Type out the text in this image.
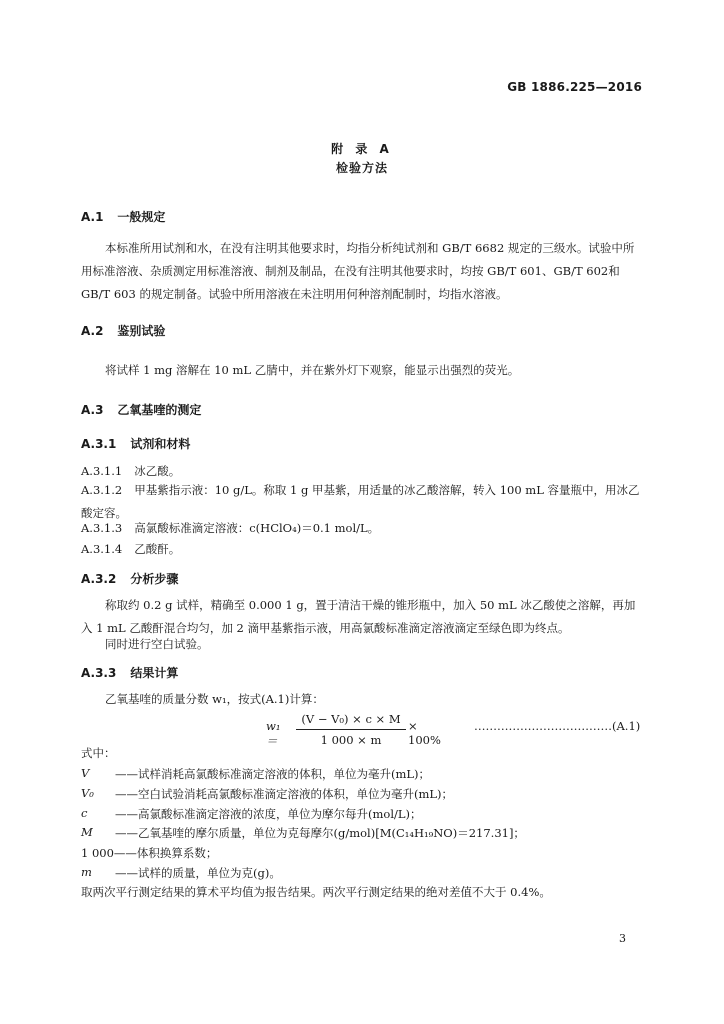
GB 1886.225—2016
附 录 A
检验方法
A.1 一般规定
本标准所用试剂和水，在没有注明其他要求时，均指分析纯试剂和 GB/T 6682 规定的三级水。试验中所用标准溶液、杂质测定用标准溶液、制剂及制品，在没有注明其他要求时，均按 GB/T 601、GB/T 602和 GB/T 603 的规定制备。试验中所用溶液在未注明用何种溶剂配制时，均指水溶液。
A.2 鉴别试验
将试样 1 mg 溶解在 10 mL 乙腈中，并在紫外灯下观察，能显示出强烈的荧光。
A.3 乙氧基喹的测定
A.3.1 试剂和材料
A.3.1.1 冰乙酸。
A.3.1.2 甲基紫指示液：10 g/L。称取 1 g 甲基紫，用适量的冰乙酸溶解，转入 100 mL 容量瓶中，用冰乙酸定容。
A.3.1.3 高氯酸标准滴定溶液：c(HClO₄)＝0.1 mol/L。
A.3.1.4 乙酸酐。
A.3.2 分析步骤
称取约 0.2 g 试样，精确至 0.000 1 g，置于清洁干燥的锥形瓶中，加入 50 mL 冰乙酸使之溶解，再加入 1 mL 乙酸酐混合均匀，加 2 滴甲基紫指示液，用高氯酸标准滴定溶液滴定至绿色即为终点。
同时进行空白试验。
A.3.3 结果计算
乙氧基喹的质量分数 w₁，按式(A.1)计算：
w₁ ＝
(V − V₀) × c × M
1 000 × m
× 100%
………………………………(A.1)
式中：
V	——试样消耗高氯酸标准滴定溶液的体积，单位为毫升(mL)；
V₀	——空白试验消耗高氯酸标准滴定溶液的体积，单位为毫升(mL)；
c	——高氯酸标准滴定溶液的浓度，单位为摩尔每升(mol/L)；
M	——乙氧基喹的摩尔质量，单位为克每摩尔(g/mol)[M(C₁₄H₁₉NO)＝217.31]；
1 000——体积换算系数；
m	——试样的质量，单位为克(g)。
取两次平行测定结果的算术平均值为报告结果。两次平行测定结果的绝对差值不大于 0.4%。
3
